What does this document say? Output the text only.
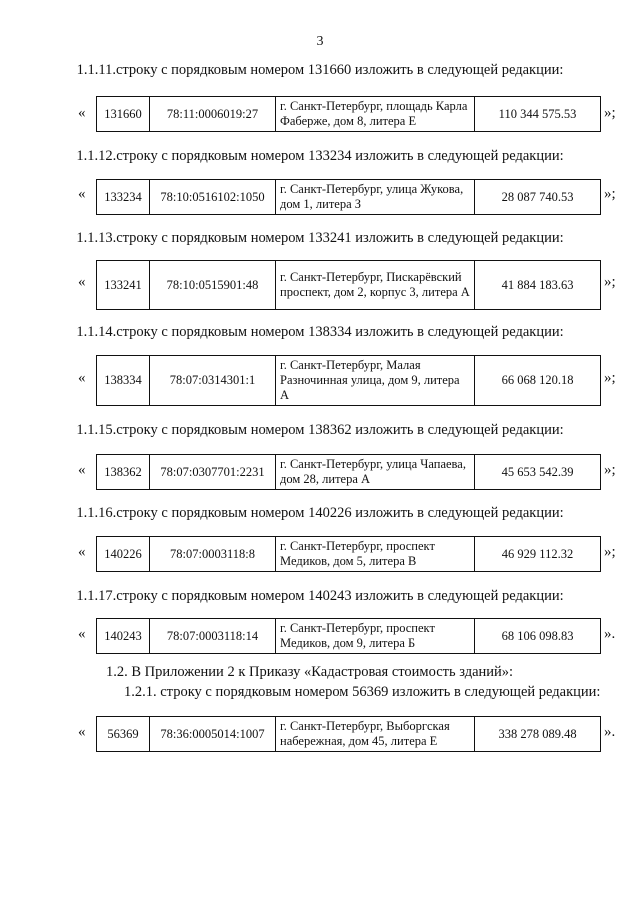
3
1.1.11.строку с порядковым номером 131660 изложить в следующей редакции:
« 131660	78:11:0006019:27	г. Санкт-Петербург, площадь Карла Фаберже, дом 8, литера Е	110 344 575.53 »;
1.1.12.строку с порядковым номером 133234 изложить в следующей редакции:
« 133234	78:10:0516102:1050	г. Санкт-Петербург, улица Жукова, дом 1, литера З	28 087 740.53 »;
1.1.13.строку с порядковым номером 133241 изложить в следующей редакции:
« 133241	78:10:0515901:48	г. Санкт-Петербург, Пискарёвский проспект, дом 2, корпус 3, литера А	41 884 183.63 »;
1.1.14.строку с порядковым номером 138334 изложить в следующей редакции:
« 138334	78:07:0314301:1	г. Санкт-Петербург, Малая Разночинная улица, дом 9, литера А	66 068 120.18 »;
1.1.15.строку с порядковым номером 138362 изложить в следующей редакции:
« 138362	78:07:0307701:2231	г. Санкт-Петербург, улица Чапаева, дом 28, литера А	45 653 542.39 »;
1.1.16.строку с порядковым номером 140226 изложить в следующей редакции:
« 140226	78:07:0003118:8	г. Санкт-Петербург, проспект Медиков, дом 5, литера В	46 929 112.32 »;
1.1.17.строку с порядковым номером 140243 изложить в следующей редакции:
« 140243	78:07:0003118:14	г. Санкт-Петербург, проспект Медиков, дом 9, литера Б	68 106 098.83 ».
1.2. В Приложении 2 к Приказу «Кадастровая стоимость зданий»:
1.2.1. строку с порядковым номером 56369 изложить в следующей редакции:
« 56369	78:36:0005014:1007	г. Санкт-Петербург, Выборгская набережная, дом 45, литера Е	338 278 089.48 ».
